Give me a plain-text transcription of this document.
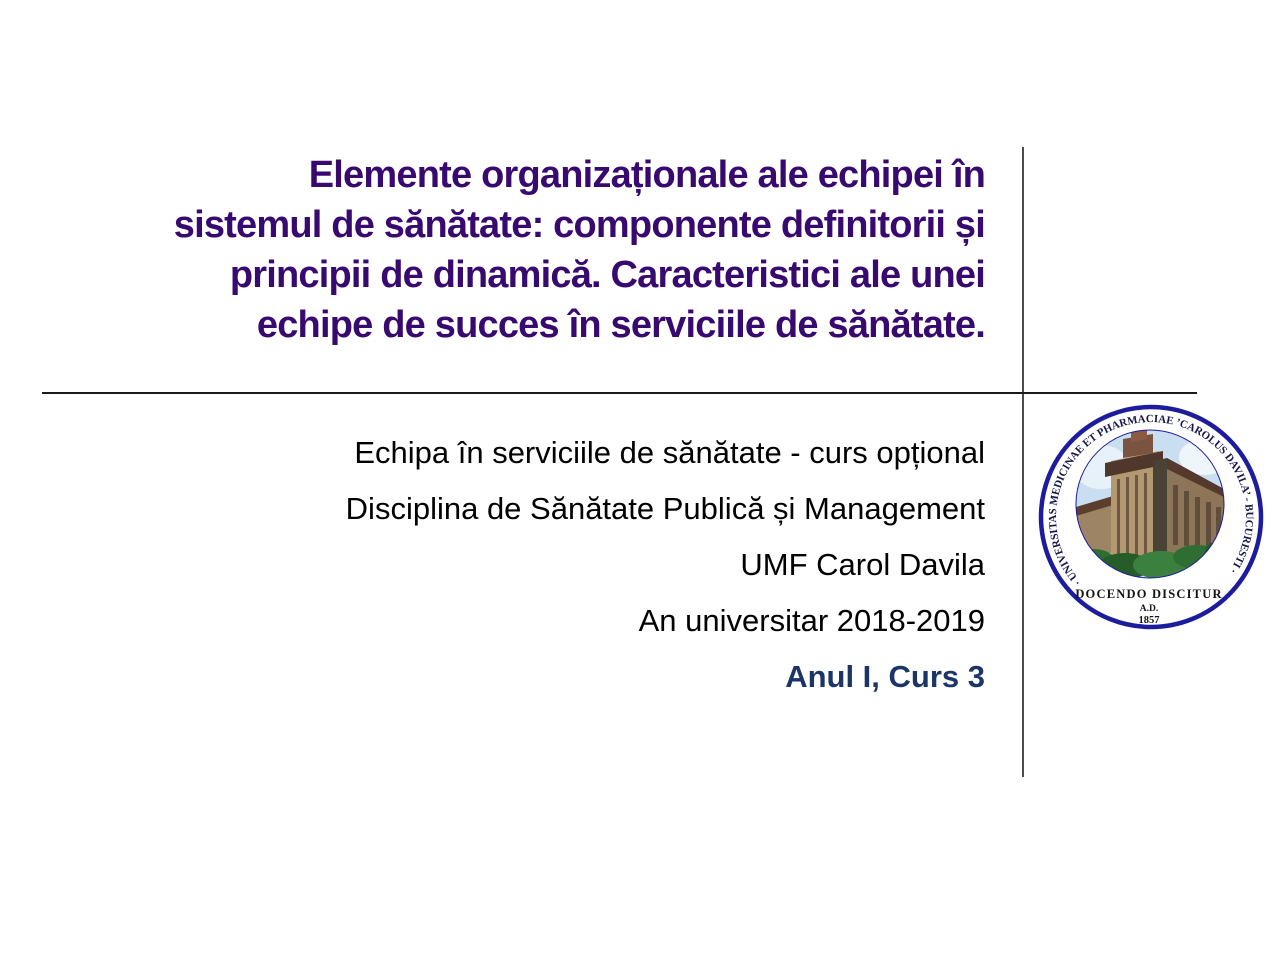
Elemente organizaționale ale echipei în
sistemul de sănătate: componente definitorii și
principii de dinamică. Caracteristici ale unei
echipe de succes în serviciile de sănătate.
Echipa în serviciile de sănătate - curs opțional
Disciplina de Sănătate Publică și Management
UMF Carol Davila
An universitar 2018-2019
Anul I, Curs 3
· UNIVERSITAS MEDICINAE ET PHARMACIAE ’CAROLUS DAVILA’ - BUCURESTI ·
DOCENDO DISCITUR
A.D.
1857
